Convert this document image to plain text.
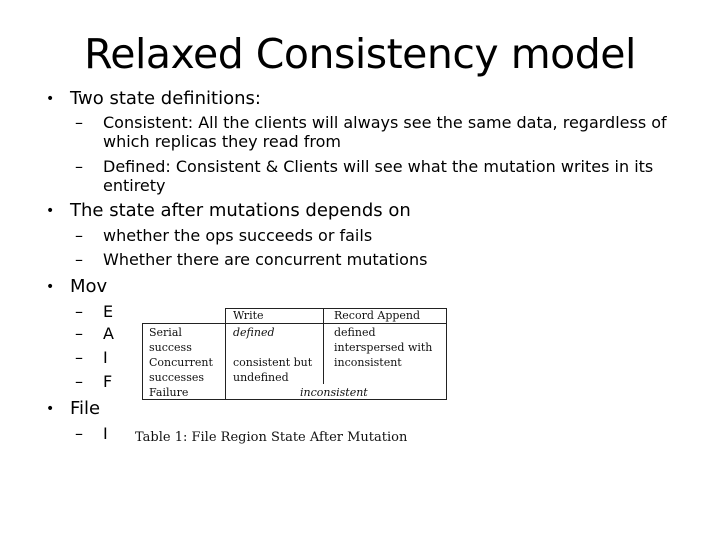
Relaxed Consistency model
• Two state definitions:
– Consistent: All the clients will always see the same data, regardless of which replicas they read from
– Defined: Consistent & Clients will see what the mutation writes in its entirety
• The state after mutations depends on
– whether the ops succeeds or fails
– Whether there are concurrent mutations
• Mov
– E
– A
– I
– F
• File
– I
Write	Record Append
Serial success
Concurrent successes
Failure
defined	defined interspersed with inconsistent
consistent but undefined
inconsistent
Table 1: File Region State After Mutation
